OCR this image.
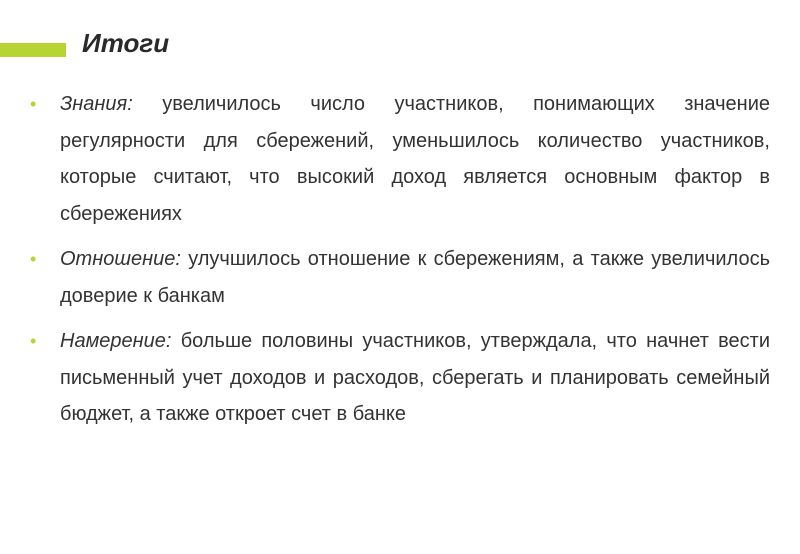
Итоги
• Знания: увеличилось число участников, понимающих значение регулярности для сбережений, уменьшилось количество участников, которые считают, что высокий доход является основным фактор в сбережениях
• Отношение: улучшилось отношение к сбережениям, а также увеличилось доверие к банкам
• Намерение: больше половины участников, утверждала, что начнет вести письменный учет доходов и расходов, сберегать и планировать семейный бюджет, а также откроет счет в банке
